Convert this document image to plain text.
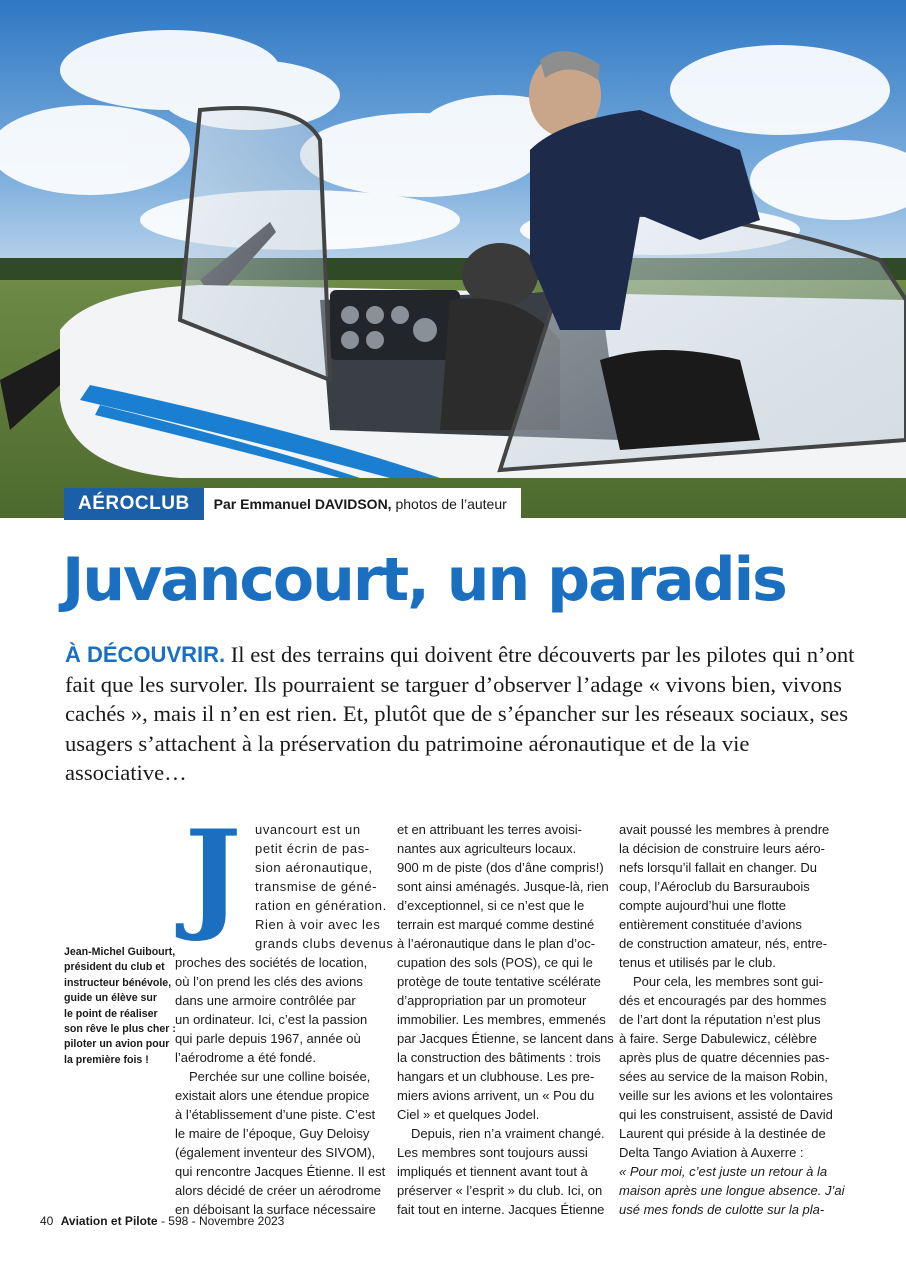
AÉROCLUB	Par Emmanuel DAVIDSON, photos de l’auteur
Juvancourt, un paradis

À DÉCOUVRIR. Il est des terrains qui doivent être découverts par les pilotes qui n’ont fait que les survoler. Ils pourraient se targuer d’observer l’adage « vivons bien, vivons cachés », mais il n’en est rien. Et, plutôt que de s’épancher sur les réseaux sociaux, ses usagers s’attachent à la préservation du patrimoine aéronautique et de la vie associative…

Jean-Michel Guibourt,
président du club et
instructeur bénévole,
guide un élève sur
le point de réaliser
son rêve le plus cher :
piloter un avion pour
la première fois !
J	uvancourt est un
petit écrin de pas-
sion aéronautique,
transmise de géné-
ration en génération.
Rien à voir avec les
grands clubs devenus
proches des sociétés de location,
où l’on prend les clés des avions
dans une armoire contrôlée par
un ordinateur. Ici, c’est la passion
qui parle depuis 1967, année où
l’aérodrome a été fondé.
Perchée sur une colline boisée,
existait alors une étendue propice
à l’établissement d’une piste. C’est
le maire de l’époque, Guy Deloisy
(également inventeur des SIVOM),
qui rencontre Jacques Étienne. Il est
alors décidé de créer un aérodrome
en déboisant la surface nécessaire
et en attribuant les terres avoisi-
nantes aux agriculteurs locaux.
900 m de piste (dos d’âne compris!)
sont ainsi aménagés. Jusque-là, rien
d’exceptionnel, si ce n’est que le
terrain est marqué comme destiné
à l’aéronautique dans le plan d’oc-
cupation des sols (POS), ce qui le
protège de toute tentative scélérate
d’appropriation par un promoteur
immobilier. Les membres, emmenés
par Jacques Étienne, se lancent dans
la construction des bâtiments : trois
hangars et un clubhouse. Les pre-
miers avions arrivent, un « Pou du
Ciel » et quelques Jodel.
Depuis, rien n’a vraiment changé.
Les membres sont toujours aussi
impliqués et tiennent avant tout à
préserver « l’esprit » du club. Ici, on
fait tout en interne. Jacques Étienne
avait poussé les membres à prendre
la décision de construire leurs aéro-
nefs lorsqu’il fallait en changer. Du
coup, l’Aéroclub du Barsuraubois
compte aujourd’hui une flotte
entièrement constituée d’avions
de construction amateur, nés, entre-
tenus et utilisés par le club.
Pour cela, les membres sont gui-
dés et encouragés par des hommes
de l’art dont la réputation n’est plus
à faire. Serge Dabulewicz, célèbre
après plus de quatre décennies pas-
sées au service de la maison Robin,
veille sur les avions et les volontaires
qui les construisent, assisté de David
Laurent qui préside à la destinée de
Delta Tango Aviation à Auxerre :
« Pour moi, c’est juste un retour à la
maison après une longue absence. J’ai
usé mes fonds de culotte sur la pla-
40 Aviation et Pilote - 598 - Novembre 2023
